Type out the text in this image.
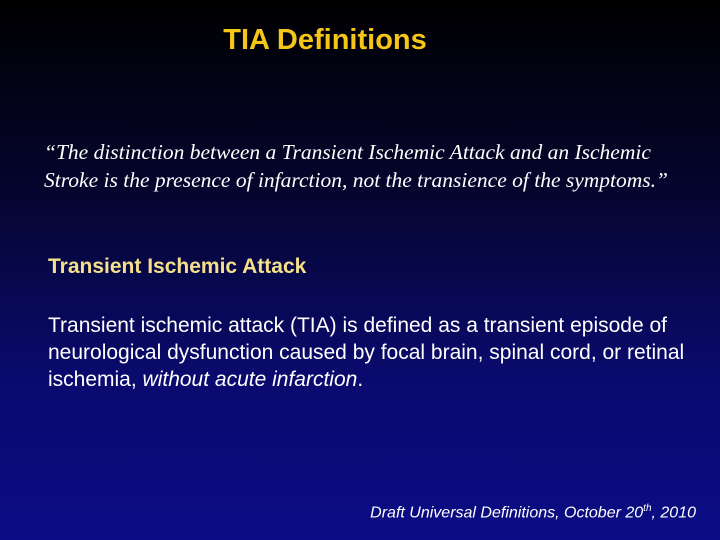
TIA Definitions
“The distinction between a Transient Ischemic Attack and an Ischemic Stroke is the presence of infarction, not the transience of the symptoms.”
Transient Ischemic Attack
Transient ischemic attack (TIA) is defined as a transient episode of neurological dysfunction caused by focal brain, spinal cord, or retinal ischemia, without acute infarction.
Draft Universal Definitions, October 20th, 2010
